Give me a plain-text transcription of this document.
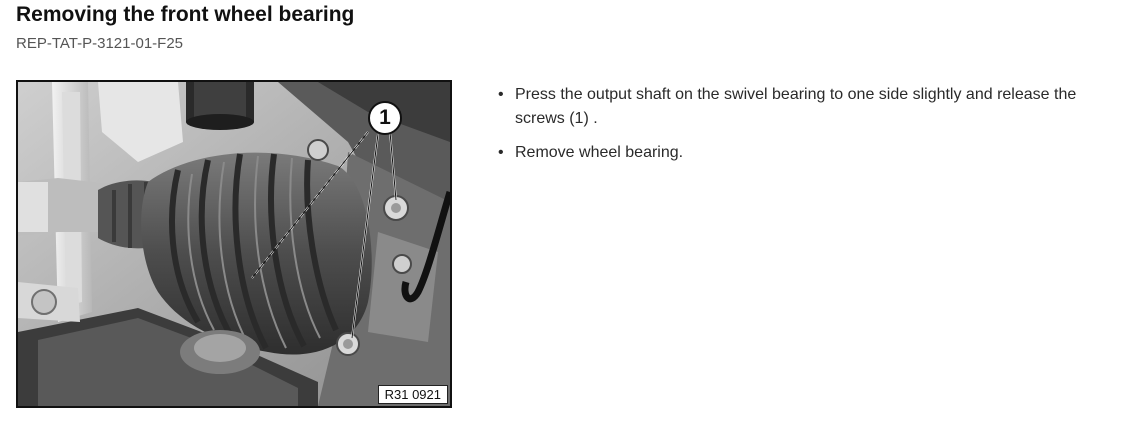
Removing the front wheel bearing
REP-TAT-P-3121-01-F25
1
R31 0921
• Press the output shaft on the swivel bearing to one side slightly and release the screws (1) .
• Remove wheel bearing.
